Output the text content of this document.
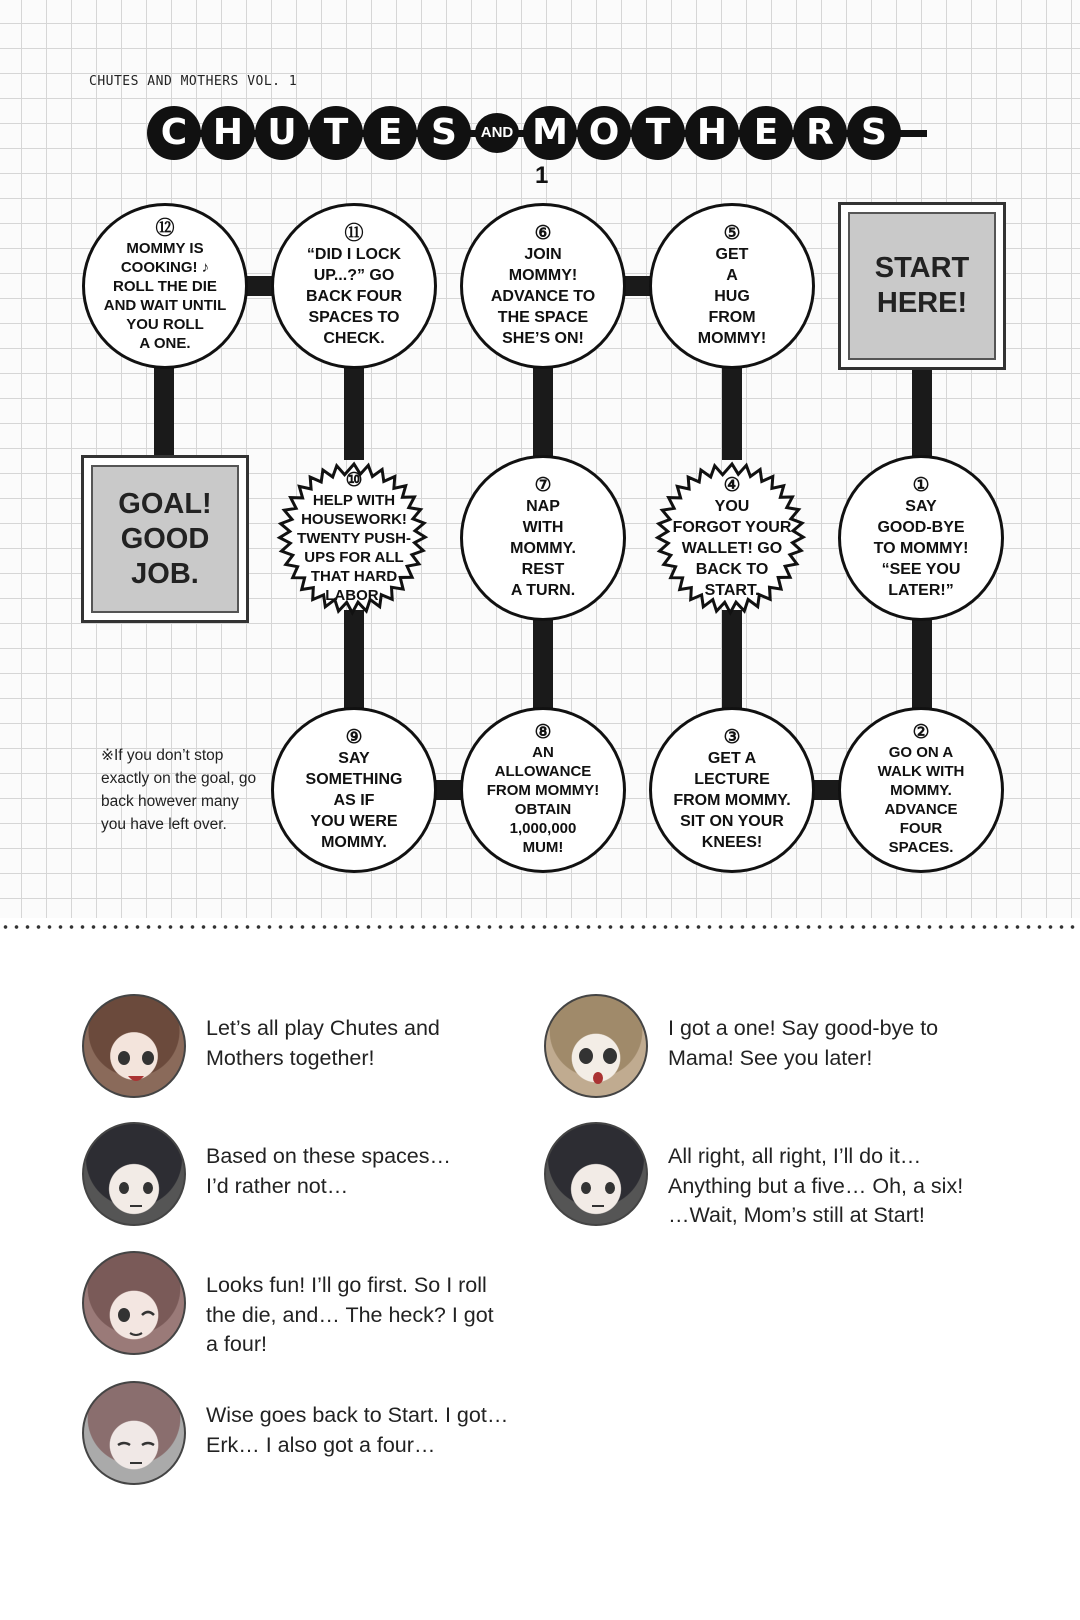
CHUTES AND MOTHERS VOL. 1
C H U T E S	AND M O T H E R S
1
⑫
MOMMY IS
COOKING! ♪
ROLL THE DIE
AND WAIT UNTIL
YOU ROLL
A ONE.
⑪
“DID I LOCK
UP...?” GO
BACK FOUR
SPACES TO
CHECK.
⑥
JOIN
MOMMY!
ADVANCE TO
THE SPACE
SHE’S ON!
⑤
GET
A
HUG
FROM
MOMMY!
START
HERE!
GOAL!
GOOD
JOB.
⑩
HELP WITH
HOUSEWORK!
TWENTY PUSH-
UPS FOR ALL
THAT HARD
LABOR.
⑦
NAP
WITH
MOMMY.
REST
A TURN.
④
YOU
FORGOT YOUR
WALLET! GO
BACK TO
START.
①
SAY
GOOD-BYE
TO MOMMY!
“SEE YOU
LATER!”
※If you don’t stop exactly on the goal, go back however many you have left over.
⑨
SAY
SOMETHING
AS IF
YOU WERE
MOMMY.
⑧
AN
ALLOWANCE
FROM MOMMY!
OBTAIN
1,000,000
MUM!
③
GET A
LECTURE
FROM MOMMY.
SIT ON YOUR
KNEES!
②
GO ON A
WALK WITH
MOMMY.
ADVANCE
FOUR
SPACES.
Let’s all play Chutes and
Mothers together!
Based on these spaces…
I’d rather not…
Looks fun! I’ll go first. So I roll
the die, and… The heck? I got
a four!
Wise goes back to Start. I got…
Erk… I also got a four…
I got a one! Say good-bye to
Mama! See you later!
All right, all right, I’ll do it…
Anything but a five… Oh, a six!
…Wait, Mom’s still at Start!
